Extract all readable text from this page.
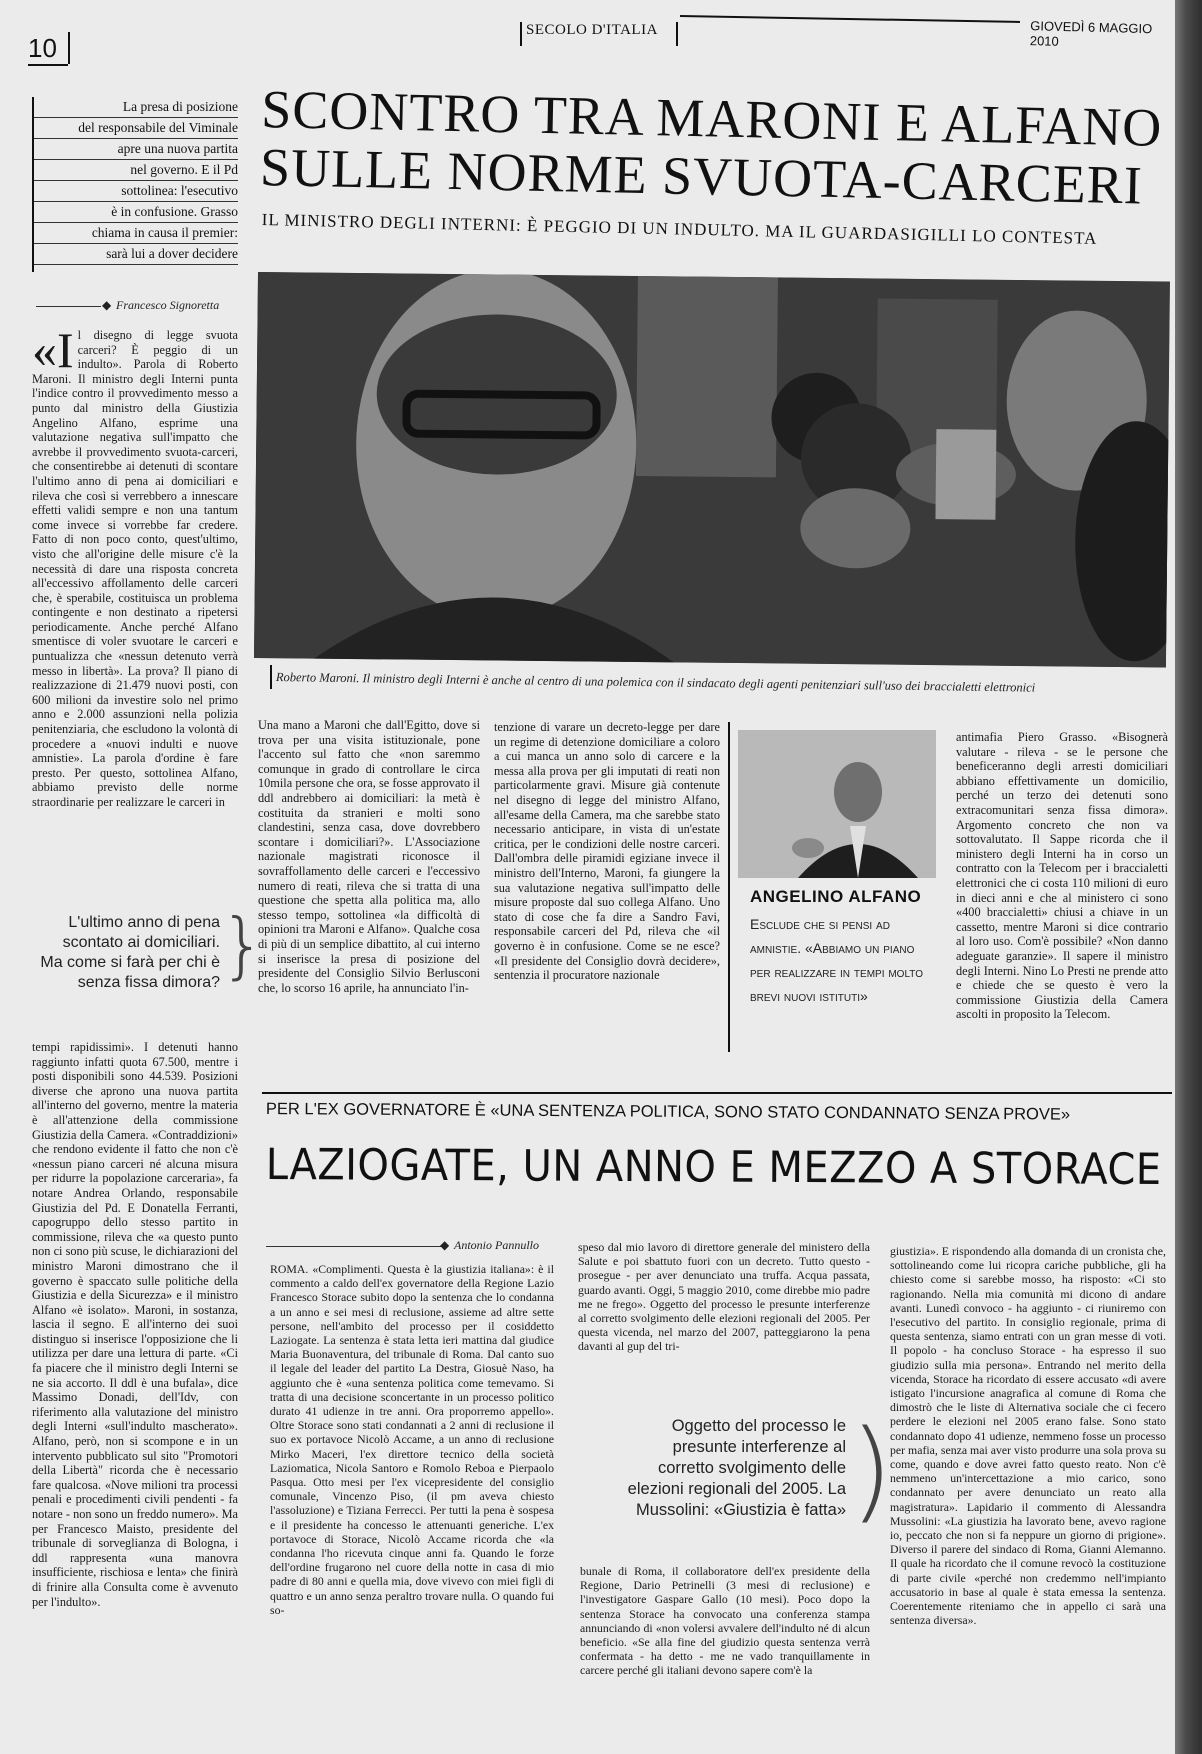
10
SECOLO D'ITALIA	GIOVEDÌ 6 MAGGIO 2010
La presa di posizione
del responsabile del Viminale
apre una nuova partita
nel governo. E il Pd
sottolinea: l'esecutivo
è in confusione. Grasso
chiama in causa il premier:
sarà lui a dover decidere
SCONTRO TRA MARONI E ALFANO
SULLE NORME SVUOTA-CARCERI
IL MINISTRO DEGLI INTERNI: È PEGGIO DI UN INDULTO. MA IL GUARDASIGILLI LO CONTESTA
◆ Francesco Signoretta
Roberto Maroni. Il ministro degli Interni è anche al centro di una polemica con il sindacato degli agenti penitenziari sull'uso dei braccialetti elettronici
«I l disegno di legge svuota carceri? È peggio di un indulto». Parola di Roberto Maroni. Il ministro degli Interni punta l'indice contro il provvedimento messo a punto dal ministro della Giustizia Angelino Alfano, esprime una valutazione negativa sull'impatto che avrebbe il provvedimento svuota-carceri, che consentirebbe ai detenuti di scontare l'ultimo anno di pena ai domiciliari e rileva che così si verrebbero a innescare effetti validi sempre e non una tantum come invece si vorrebbe far credere. Fatto di non poco conto, quest'ultimo, visto che all'origine delle misure c'è la necessità di dare una risposta concreta all'eccessivo affollamento delle carceri che, è sperabile, costituisca un problema contingente e non destinato a ripetersi periodicamente. Anche perché Alfano smentisce di voler svuotare le carceri e puntualizza che «nessun detenuto verrà messo in libertà». La prova? Il piano di realizzazione di 21.479 nuovi posti, con 600 milioni da investire solo nel primo anno e 2.000 assunzioni nella polizia penitenziaria, che escludono la volontà di procedere a «nuovi indulti e nuove amnistie». La parola d'ordine è fare presto. Per questo, sottolinea Alfano, abbiamo previsto delle norme straordinarie per realizzare le carceri in
L'ultimo anno di pena scontato ai domiciliari. Ma come si farà per chi è senza fissa dimora? }
tempi rapidissimi». I detenuti hanno raggiunto infatti quota 67.500, mentre i posti disponibili sono 44.539. Posizioni diverse che aprono una nuova partita all'interno del governo, mentre la materia è all'attenzione della commissione Giustizia della Camera. «Contraddizioni» che rendono evidente il fatto che non c'è «nessun piano carceri né alcuna misura per ridurre la popolazione carceraria», fa notare Andrea Orlando, responsabile Giustizia del Pd. E Donatella Ferranti, capogruppo dello stesso partito in commissione, rileva che «a questo punto non ci sono più scuse, le dichiarazioni del ministro Maroni dimostrano che il governo è spaccato sulle politiche della Giustizia e della Sicurezza» e il ministro Alfano «è isolato». Maroni, in sostanza, lascia il segno. E all'interno dei suoi distinguo si inserisce l'opposizione che li utilizza per dare una lettura di parte. «Ci fa piacere che il ministro degli Interni se ne sia accorto. Il ddl è una bufala», dice Massimo Donadi, dell'Idv, con riferimento alla valutazione del ministro degli Interni «sull'indulto mascherato». Alfano, però, non si scompone e in un intervento pubblicato sul sito "Promotori della Libertà" ricorda che è necessario fare qualcosa. «Nove milioni tra processi penali e procedimenti civili pendenti - fa notare - non sono un freddo numero». Ma per Francesco Maisto, presidente del tribunale di sorveglianza di Bologna, i ddl rappresenta «una manovra insufficiente, rischiosa e lenta» che finirà di frinire alla Consulta come è avvenuto per l'indulto».
Una mano a Maroni che dall'Egitto, dove si trova per una visita istituzionale, pone l'accento sul fatto che «non saremmo comunque in grado di controllare le circa 10mila persone che ora, se fosse approvato il ddl andrebbero ai domiciliari: la metà è costituita da stranieri e molti sono clandestini, senza casa, dove dovrebbero scontare i domiciliari?». L'Associazione nazionale magistrati riconosce il sovraffollamento delle carceri e l'eccessivo numero di reati, rileva che si tratta di una questione che spetta alla politica ma, allo stesso tempo, sottolinea «la difficoltà di opinioni tra Maroni e Alfano». Qualche cosa di più di un semplice dibattito, al cui interno si inserisce la presa di posizione del presidente del Consiglio Silvio Berlusconi che, lo scorso 16 aprile, ha annunciato l'in-
tenzione di varare un decreto-legge per dare un regime di detenzione domiciliare a coloro a cui manca un anno solo di carcere e la messa alla prova per gli imputati di reati non particolarmente gravi. Misure già contenute nel disegno di legge del ministro Alfano, all'esame della Camera, ma che sarebbe stato necessario anticipare, in vista di un'estate critica, per le condizioni delle nostre carceri. Dall'ombra delle piramidi egiziane invece il ministro dell'Interno, Maroni, fa giungere la sua valutazione negativa sull'impatto delle misure proposte dal suo collega Alfano. Uno stato di cose che fa dire a Sandro Favi, responsabile carceri del Pd, rileva che «il governo è in confusione. Come se ne esce? «Il presidente del Consiglio dovrà decidere», sentenzia il procuratore nazionale
ANGELINO ALFANO
Esclude che si pensi ad amnistie. «Abbiamo un piano per realizzare in tempi molto brevi nuovi istituti»
antimafia Piero Grasso. «Bisognerà valutare - rileva - se le persone che beneficeranno degli arresti domiciliari abbiano effettivamente un domicilio, perché un terzo dei detenuti sono extracomunitari senza fissa dimora». Argomento concreto che non va sottovalutato. Il Sappe ricorda che il ministero degli Interni ha in corso un contratto con la Telecom per i braccialetti elettronici che ci costa 110 milioni di euro in dieci anni e che al ministero ci sono «400 braccialetti» chiusi a chiave in un cassetto, mentre Maroni si dice contrario al loro uso. Com'è possibile? «Non danno adeguate garanzie». Il sapere il ministro degli Interni. Nino Lo Presti ne prende atto e chiede che se questo è vero la commissione Giustizia della Camera ascolti in proposito la Telecom.
PER L'EX GOVERNATORE È «UNA SENTENZA POLITICA, SONO STATO CONDANNATO SENZA PROVE»
LAZIOGATE, UN ANNO E MEZZO A STORACE
◆ Antonio Pannullo
ROMA. «Complimenti. Questa è la giustizia italiana»: è il commento a caldo dell'ex governatore della Regione Lazio Francesco Storace subito dopo la sentenza che lo condanna a un anno e sei mesi di reclusione, assieme ad altre sette persone, nell'ambito del processo per il cosiddetto Laziogate. La sentenza è stata letta ieri mattina dal giudice Maria Buonaventura, del tribunale di Roma. Dal canto suo il legale del leader del partito La Destra, Giosuè Naso, ha aggiunto che è «una sentenza politica come temevamo. Si tratta di una decisione sconcertante in un processo politico durato 41 udienze in tre anni. Ora proporremo appello». Oltre Storace sono stati condannati a 2 anni di reclusione il suo ex portavoce Nicolò Accame, a un anno di reclusione Mirko Maceri, l'ex direttore tecnico della società Laziomatica, Nicola Santoro e Romolo Reboa e Pierpaolo Pasqua. Otto mesi per l'ex vicepresidente del consiglio comunale, Vincenzo Piso, (il pm aveva chiesto l'assoluzione) e Tiziana Ferrecci. Per tutti la pena è sospesa e il presidente ha concesso le attenuanti generiche. L'ex portavoce di Storace, Nicolò Accame ricorda che «la condanna l'ho ricevuta cinque anni fa. Quando le forze dell'ordine frugarono nel cuore della notte in casa di mio padre di 80 anni e quella mia, dove vivevo con miei figli di quattro e un anno senza peraltro trovare nulla. O quando fui so-
speso dal mio lavoro di direttore generale del ministero della Salute e poi sbattuto fuori con un decreto. Tutto questo - prosegue - per aver denunciato una truffa. Acqua passata, guardo avanti. Oggi, 5 maggio 2010, come direbbe mio padre me ne frego». Oggetto del processo le presunte interferenze al corretto svolgimento delle elezioni regionali del 2005. Per questa vicenda, nel marzo del 2007, patteggiarono la pena davanti al gup del tri-
Oggetto del processo le presunte interferenze al corretto svolgimento delle elezioni regionali del 2005. La Mussolini: «Giustizia è fatta» )
bunale di Roma, il collaboratore dell'ex presidente della Regione, Dario Petrinelli (3 mesi di reclusione) e l'investigatore Gaspare Gallo (10 mesi). Poco dopo la sentenza Storace ha convocato una conferenza stampa annunciando di «non volersi avvalere dell'indulto né di alcun beneficio. «Se alla fine del giudizio questa sentenza verrà confermata - ha detto - me ne vado tranquillamente in carcere perché gli italiani devono sapere com'è la
giustizia». E rispondendo alla domanda di un cronista che, sottolineando come lui ricopra cariche pubbliche, gli ha chiesto come si sarebbe mosso, ha risposto: «Ci sto ragionando. Nella mia comunità mi dicono di andare avanti. Lunedì convoco - ha aggiunto - ci riuniremo con l'esecutivo del partito. In consiglio regionale, prima di questa sentenza, siamo entrati con un gran messe di voti. Il popolo - ha concluso Storace - ha espresso il suo giudizio sulla mia persona». Entrando nel merito della vicenda, Storace ha ricordato di essere accusato «di avere istigato l'incursione anagrafica al comune di Roma che dimostrò che le liste di Alternativa sociale che ci fecero perdere le elezioni nel 2005 erano false. Sono stato condannato dopo 41 udienze, nemmeno fosse un processo per mafia, senza mai aver visto produrre una sola prova su come, quando e dove avrei fatto questo reato. Non c'è nemmeno un'intercettazione a mio carico, sono condannato per avere denunciato un reato alla magistratura». Lapidario il commento di Alessandra Mussolini: «La giustizia ha lavorato bene, avevo ragione io, peccato che non si fa neppure un giorno di prigione». Diverso il parere del sindaco di Roma, Gianni Alemanno. Il quale ha ricordato che il comune revocò la costituzione di parte civile «perché non credemmo nell'impianto accusatorio in base al quale è stata emessa la sentenza. Coerentemente riteniamo che in appello ci sarà una sentenza diversa».
